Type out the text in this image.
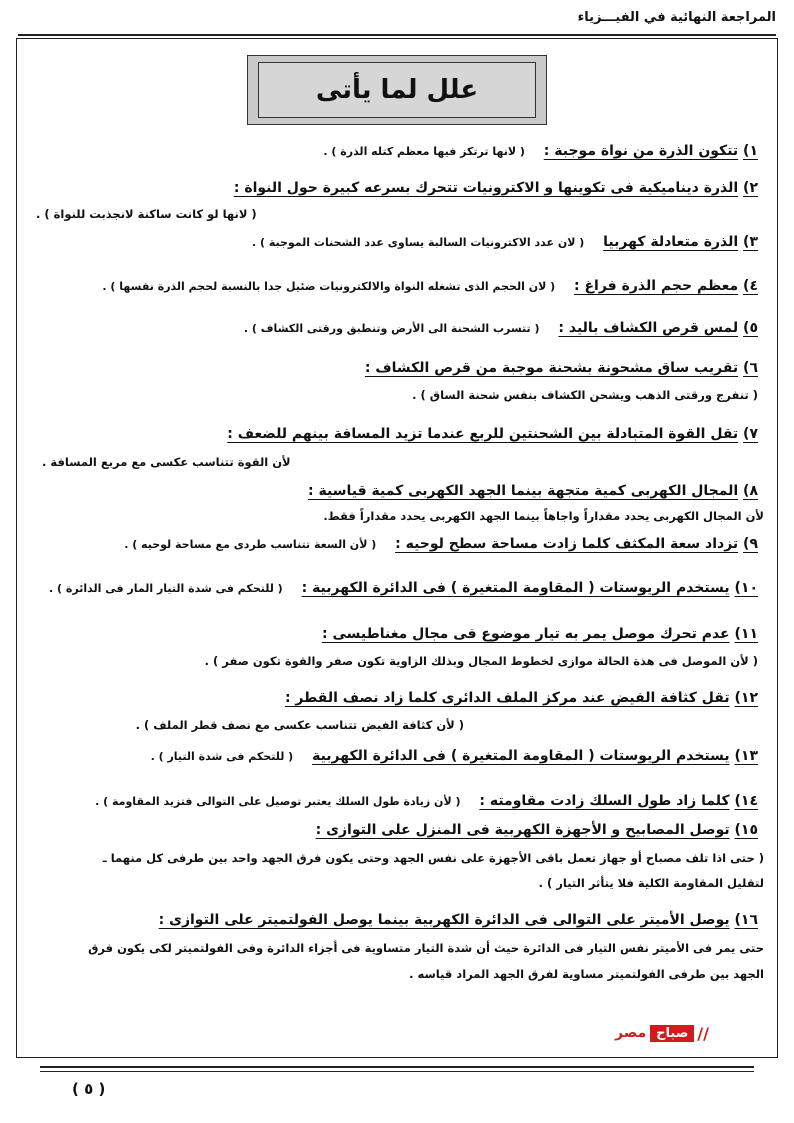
المراجعة النهائية في الفيـــزياء
علل لما يأتى
١) تتكون الذرة من نواة موجبة : ( لانها ترتكز فيها معظم كتله الذرة ) .
٢) الذرة ديناميكية فى تكوينها و الاكترونيات تتحرك بسرعه كبيرة حول النواة :
( لانها لو كانت ساكنة لانجذبت للنواة ) .
٣) الذرة متعادلة كهربيا ( لان عدد الاكترونيات السالبة يساوى عدد الشحنات الموجبة ) .
٤) معظم حجم الذرة فراغ : ( لان الحجم الذى تشغله النواة والالكترونيات ضئيل جدا بالنسبة لحجم الذرة نفسها ) .
٥) لمس قرص الكشاف باليد : ( تتسرب الشحنة الى الأرض وتنطبق ورقتى الكشاف ) .
٦) تقريب ساق مشحونة بشحنة موجبة من قرص الكشاف :
( تنفرج ورقتى الذهب ويشحن الكشاف بنفس شحنة الساق ) .
٧) تقل القوة المتبادلة بين الشحنتين للربع عندما تزيد المسافة بينهم للضعف :
لأن القوة تتناسب عكسى مع مربع المسافة .
٨) المجال الكهربى كمية متجهة بينما الجهد الكهربى كمية قياسية :
لأن المجال الكهربى يحدد مقداراً واجاهاً بينما الجهد الكهربى يحدد مقداراً فقط.
٩) تزداد سعة المكثف كلما زادت مساحة سطح لوحيه : ( لأن السعة تتناسب طردى مع مساحة لوحيه ) .
١٠) يستخدم الريوستات ( المقاومة المتغيرة ) فى الدائرة الكهربية : ( للتحكم فى شدة التيار المار فى الدائرة ) .
١١) عدم تحرك موصل يمر به تيار موضوع فى مجال مغناطيسى :
( لأن الموصل فى هذة الحالة موازى لخطوط المجال وبذلك الزاوية تكون صفر والقوة تكون صفر ) .
١٢) تقل كثافة الفيض عند مركز الملف الدائرى كلما زاد نصف القطر :
( لأن كثافة الفيض تتناسب عكسى مع نصف قطر الملف ) .
١٣) يستخدم الريوستات ( المقاومة المتغيرة ) فى الدائرة الكهربية ( للتحكم فى شدة التيار ) .
١٤) كلما زاد طول السلك زادت مقاومته : ( لأن زيادة طول السلك يعتبر توصيل على التوالى فتزيد المقاومة ) .
١٥) توصل المصابيح و الأجهزة الكهربية فى المنزل على التوازى :
( حتى اذا تلف مصباح أو جهاز تعمل باقى الأجهزة على نفس الجهد وحتى يكون فرق الجهد واحد بين طرفى كل منهما ـ
لتقليل المقاومة الكلية فلا يتأثر التيار ) .
١٦) يوصل الأميتر على التوالى فى الدائرة الكهربية بينما يوصل الفولتميتر على التوازى :
حتى يمر فى الأميتر نفس التيار فى الدائرة حيث أن شدة التيار متساوية فى أجزاء الدائرة وفى الفولتميتر لكى يكون فرق
الجهد بين طرفى الفولتميتر مساوية لفرق الجهد المراد قياسه .
مصر صباح //
( ٥ )
